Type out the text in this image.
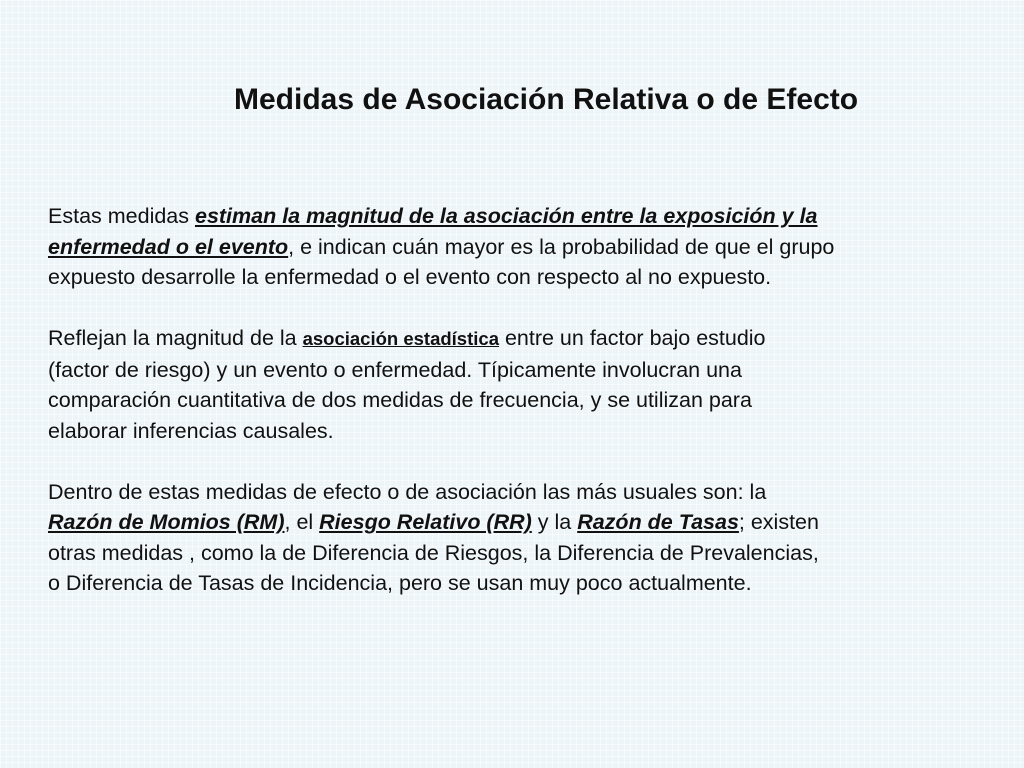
Medidas de Asociación Relativa o de Efecto

Estas medidas estiman la magnitud de la asociación entre la exposición y la

enfermedad o el evento, e indican cuán mayor es la probabilidad de que el grupo

expuesto desarrolle la enfermedad o el evento con respecto al no expuesto.

Reflejan la magnitud de la asociación estadística entre un factor bajo estudio

(factor de riesgo) y un evento o enfermedad. Típicamente involucran una

comparación cuantitativa de dos medidas de frecuencia, y se utilizan para

elaborar inferencias causales.

Dentro de estas medidas de efecto o de asociación las más usuales son: la

Razón de Momios (RM), el Riesgo Relativo (RR) y la Razón de Tasas; existen

otras medidas , como la de Diferencia de Riesgos, la Diferencia de Prevalencias,

o Diferencia de Tasas de Incidencia, pero se usan muy poco actualmente.
